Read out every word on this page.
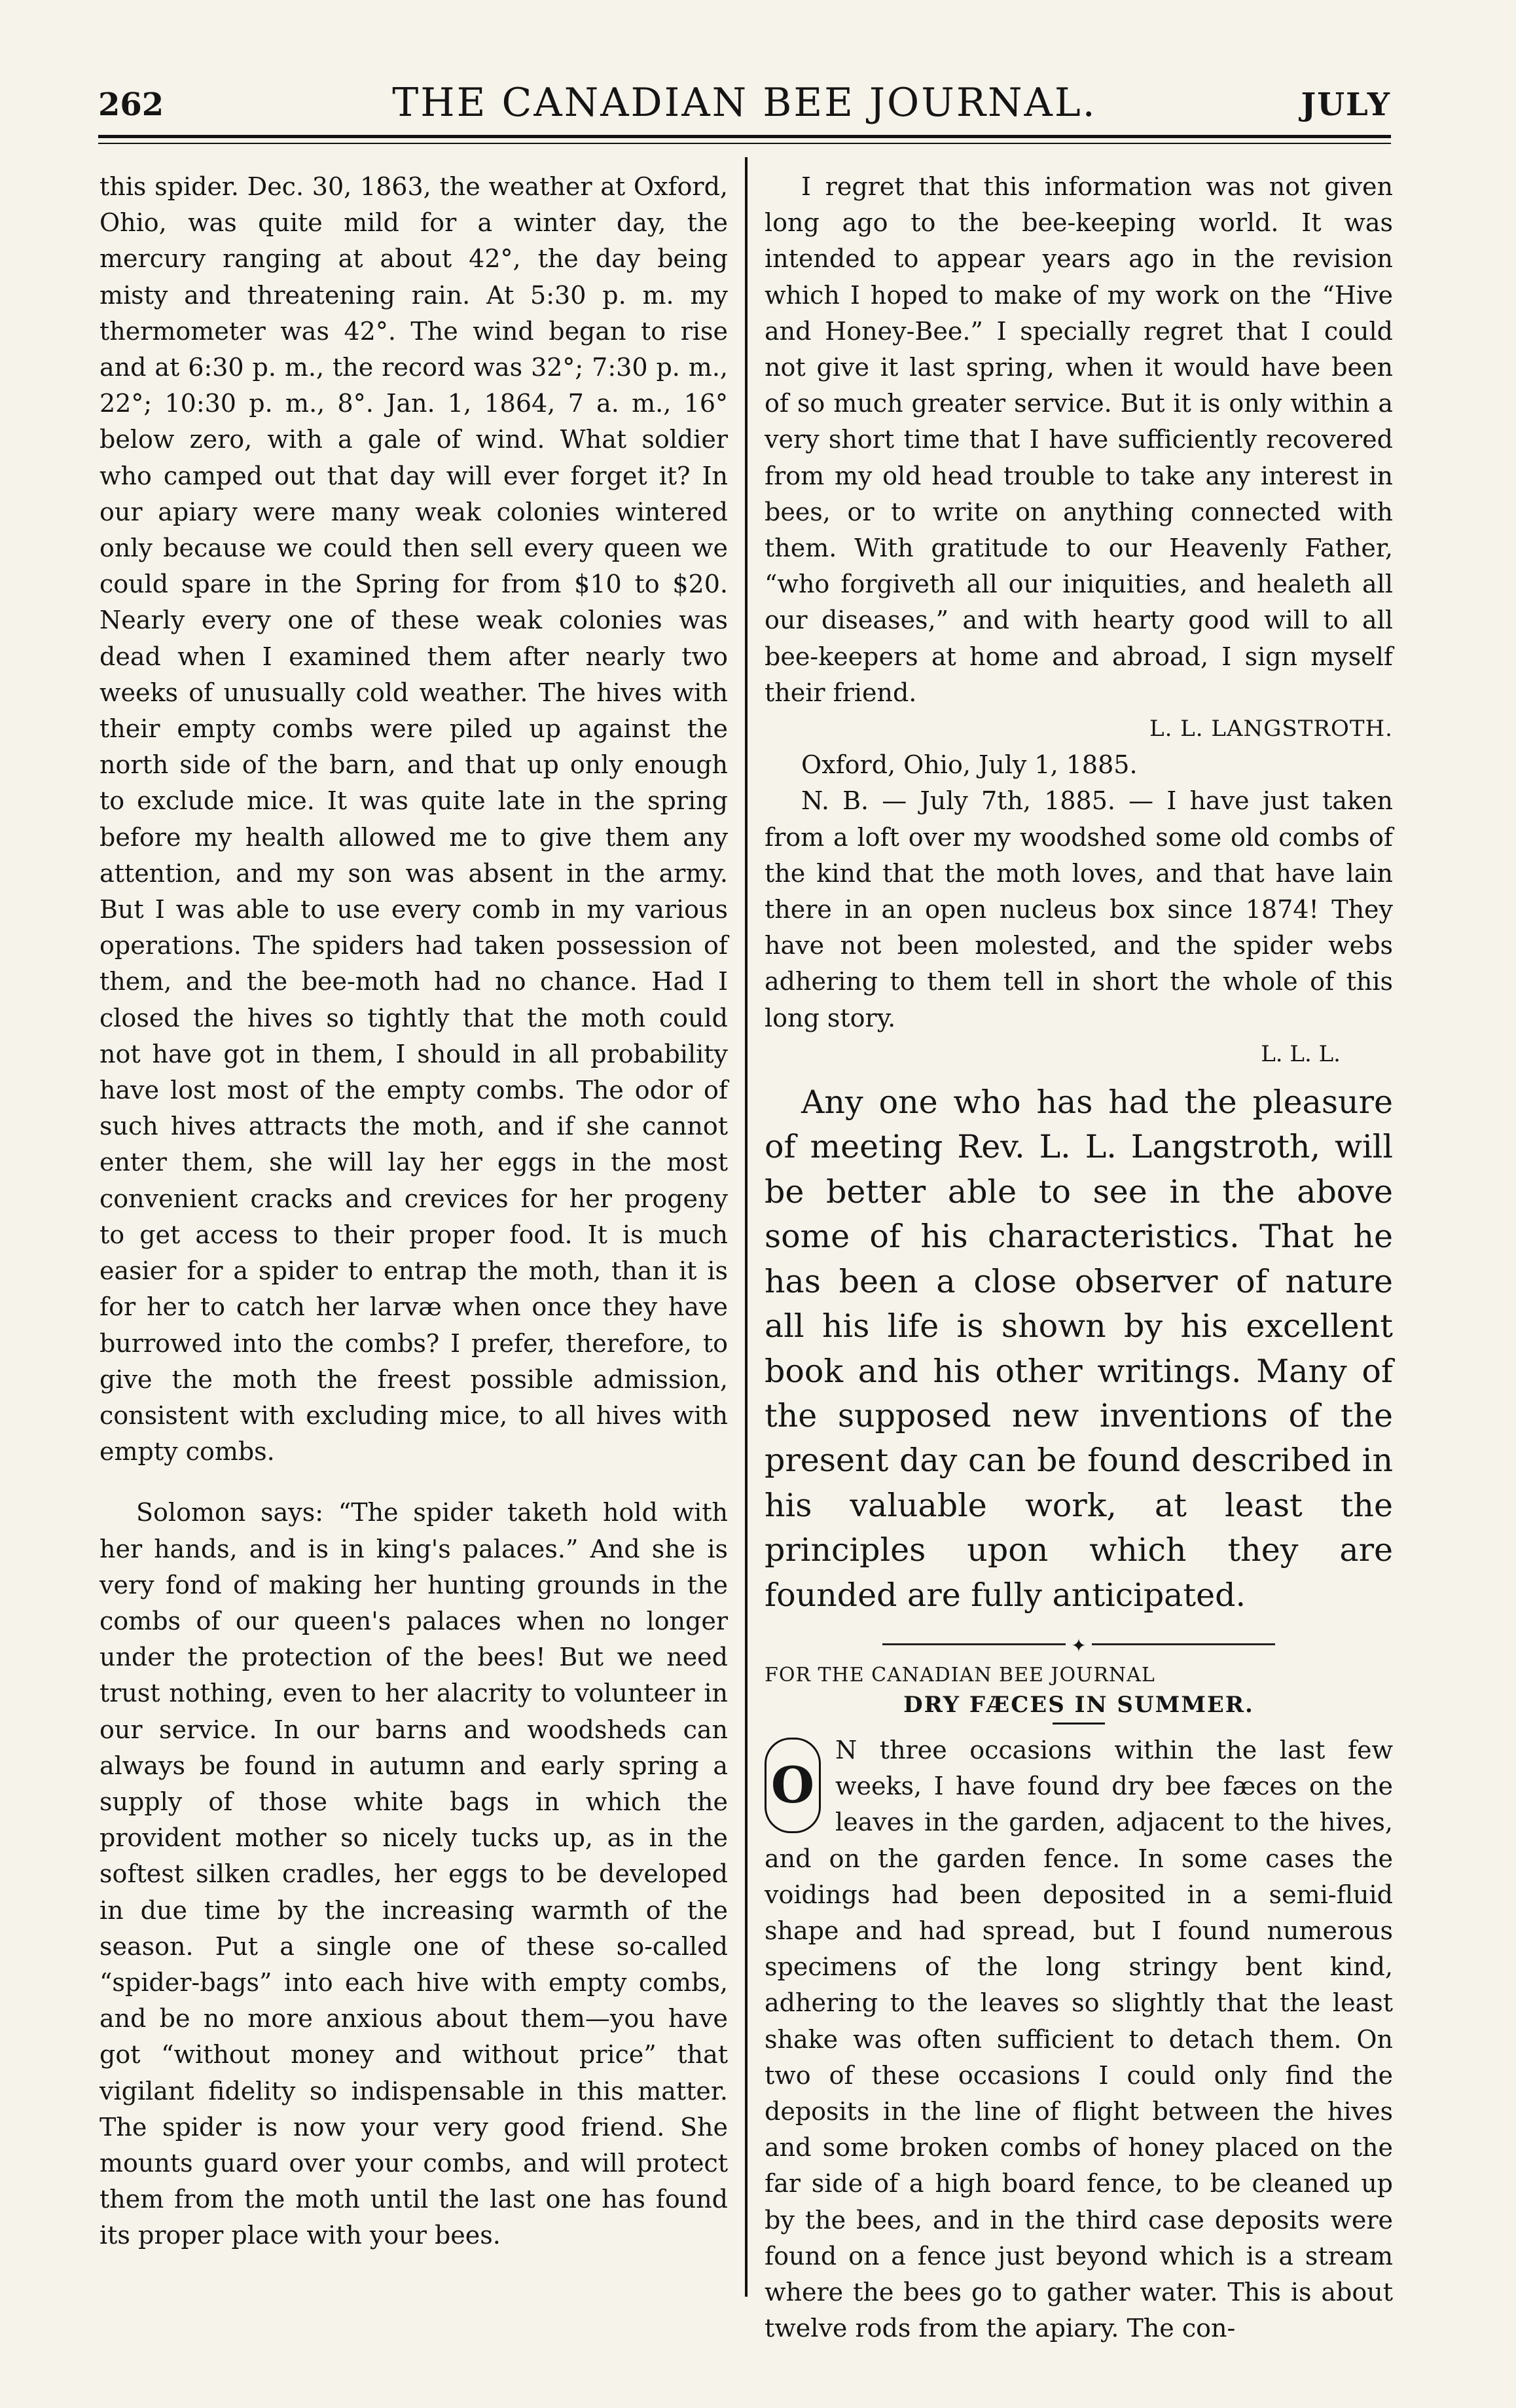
262	THE CANADIAN BEE JOURNAL.	JULY

this spider. Dec. 30, 1863, the weather at Oxford, Ohio, was quite mild for a winter day, the mercury ranging at about 42°, the day being misty and threatening rain. At 5:30 p. m. my thermometer was 42°. The wind began to rise and at 6:30 p. m., the record was 32°; 7:30 p. m., 22°; 10:30 p. m., 8°. Jan. 1, 1864, 7 a. m., 16° below zero, with a gale of wind. What soldier who camped out that day will ever forget it? In our apiary were many weak colonies wintered only because we could then sell every queen we could spare in the Spring for from $10 to $20. Nearly every one of these weak colonies was dead when I examined them after nearly two weeks of unusually cold weather. The hives with their empty combs were piled up against the north side of the barn, and that up only enough to exclude mice. It was quite late in the spring before my health allowed me to give them any attention, and my son was absent in the army. But I was able to use every comb in my various operations. The spiders had taken possession of them, and the bee-moth had no chance. Had I closed the hives so tightly that the moth could not have got in them, I should in all probability have lost most of the empty combs. The odor of such hives attracts the moth, and if she cannot enter them, she will lay her eggs in the most convenient cracks and crevices for her progeny to get access to their proper food. It is much easier for a spider to entrap the moth, than it is for her to catch her larvæ when once they have burrowed into the combs? I prefer, therefore, to give the moth the freest possible admission, consistent with excluding mice, to all hives with empty combs.

Solomon says: “The spider taketh hold with her hands, and is in king's palaces.” And she is very fond of making her hunting grounds in the combs of our queen's palaces when no longer under the protection of the bees! But we need trust nothing, even to her alacrity to volunteer in our service. In our barns and woodsheds can always be found in autumn and early spring a supply of those white bags in which the provident mother so nicely tucks up, as in the softest silken cradles, her eggs to be developed in due time by the increasing warmth of the season. Put a single one of these so-called “spider-bags” into each hive with empty combs, and be no more anxious about them—you have got “without money and without price” that vigilant fidelity so indispensable in this matter. The spider is now your very good friend. She mounts guard over your combs, and will protect them from the moth until the last one has found its proper place with your bees.

I regret that this information was not given long ago to the bee-keeping world. It was intended to appear years ago in the revision which I hoped to make of my work on the “Hive and Honey-Bee.” I specially regret that I could not give it last spring, when it would have been of so much greater service. But it is only within a very short time that I have sufficiently recovered from my old head trouble to take any interest in bees, or to write on anything connected with them. With gratitude to our Heavenly Father, “who forgiveth all our iniquities, and healeth all our diseases,” and with hearty good will to all bee-keepers at home and abroad, I sign myself their friend.

L. L. LANGSTROTH.

Oxford, Ohio, July 1, 1885.

N. B. — July 7th, 1885. — I have just taken from a loft over my woodshed some old combs of the kind that the moth loves, and that have lain there in an open nucleus box since 1874! They have not been molested, and the spider webs adhering to them tell in short the whole of this long story.

L. L. L.

Any one who has had the pleasure of meeting Rev. L. L. Langstroth, will be better able to see in the above some of his characteristics. That he has been a close observer of nature all his life is shown by his excellent book and his other writings. Many of the supposed new inventions of the present day can be found described in his valuable work, at least the principles upon which they are founded are fully anticipated.

✦
FOR THE CANADIAN BEE JOURNAL
DRY FÆCES IN SUMMER.
O

N three occasions within the last few weeks, I have found dry bee fæces on the leaves in the garden, adjacent to the hives, and on the garden fence. In some cases the voidings had been deposited in a semi-fluid shape and had spread, but I found numerous specimens of the long stringy bent kind, adhering to the leaves so slightly that the least shake was often sufficient to detach them. On two of these occasions I could only find the deposits in the line of flight between the hives and some broken combs of honey placed on the far side of a high board fence, to be cleaned up by the bees, and in the third case deposits were found on a fence just beyond which is a stream where the bees go to gather water. This is about twelve rods from the apiary. The con-
